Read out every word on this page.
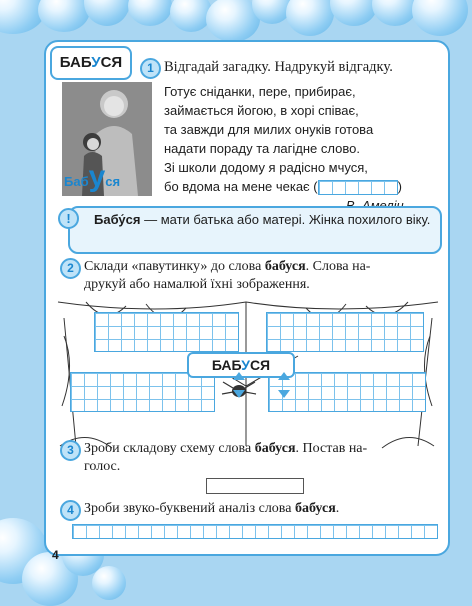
БАБУСЯ	1 Відгадай загадку. Надрукуй відгадку.
Бабуся
Готує сніданки, пере, прибирає,
займається йогою, в хорі співає,
та завжди для милих онуків готова
надати пораду та лагідне слово.
Зі школи додому я радісно мчуся,
бо вдома на мене чекає (	)
Бабу́ся — мати батька або матері. Жінка похилого віку.
!
2 Склади «павутинку» до слова бабуся. Слова на-
друкуй або намалюй їхні зображення.
БАБУСЯ
3 Зроби складову схему слова бабуся. Постав на-
голос.
4 Зроби звуко-буквений аналіз слова бабуся.
4
